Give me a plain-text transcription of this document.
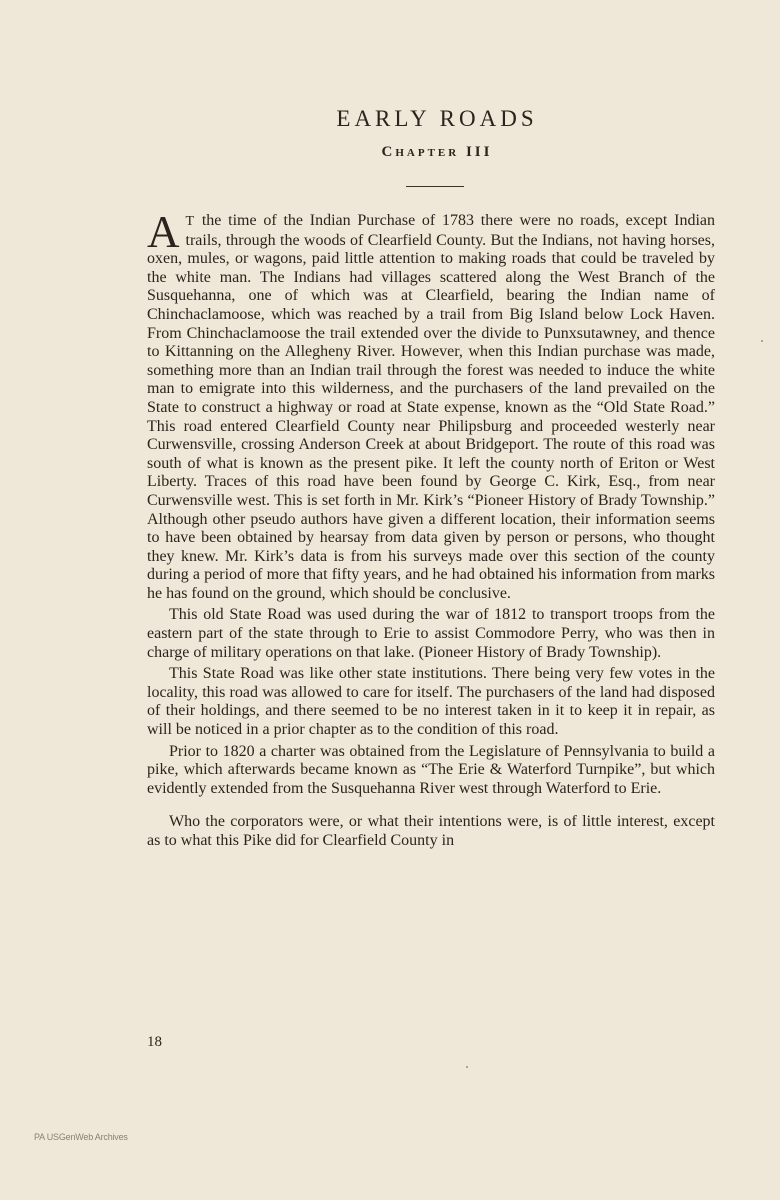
EARLY ROADS
Chapter III

AT the time of the Indian Purchase of 1783 there were no roads, except Indian trails, through the woods of Clearfield County. But the Indians, not having horses, oxen, mules, or wagons, paid little attention to making roads that could be traveled by the white man. The Indians had villages scattered along the West Branch of the Susquehanna, one of which was at Clearfield, bearing the Indian name of Chinchaclamoose, which was reached by a trail from Big Island below Lock Haven. From Chinchaclamoose the trail extended over the divide to Punxsutawney, and thence to Kittanning on the Allegheny River. However, when this Indian purchase was made, something more than an Indian trail through the forest was needed to induce the white man to emigrate into this wilderness, and the purchasers of the land prevailed on the State to construct a highway or road at State expense, known as the “Old State Road.” This road entered Clearfield County near Philipsburg and proceeded westerly near Curwensville, crossing Anderson Creek at about Bridgeport. The route of this road was south of what is known as the present pike. It left the county north of Eriton or West Liberty. Traces of this road have been found by George C. Kirk, Esq., from near Curwensville west. This is set forth in Mr. Kirk’s “Pioneer History of Brady Township.” Although other pseudo authors have given a different location, their information seems to have been obtained by hearsay from data given by person or persons, who thought they knew. Mr. Kirk’s data is from his surveys made over this section of the county during a period of more that fifty years, and he had obtained his information from marks he has found on the ground, which should be conclusive.

This old State Road was used during the war of 1812 to transport troops from the eastern part of the state through to Erie to assist Commodore Perry, who was then in charge of military operations on that lake. (Pioneer History of Brady Township).

This State Road was like other state institutions. There being very few votes in the locality, this road was allowed to care for itself. The purchasers of the land had disposed of their holdings, and there seemed to be no interest taken in it to keep it in repair, as will be noticed in a prior chapter as to the condition of this road.

Prior to 1820 a charter was obtained from the Legislature of Pennsylvania to build a pike, which afterwards became known as “The Erie & Waterford Turnpike”, but which evidently extended from the Susquehanna River west through Waterford to Erie.

Who the corporators were, or what their intentions were, is of little interest, except as to what this Pike did for Clearfield County in

18

PA USGenWeb Archives
